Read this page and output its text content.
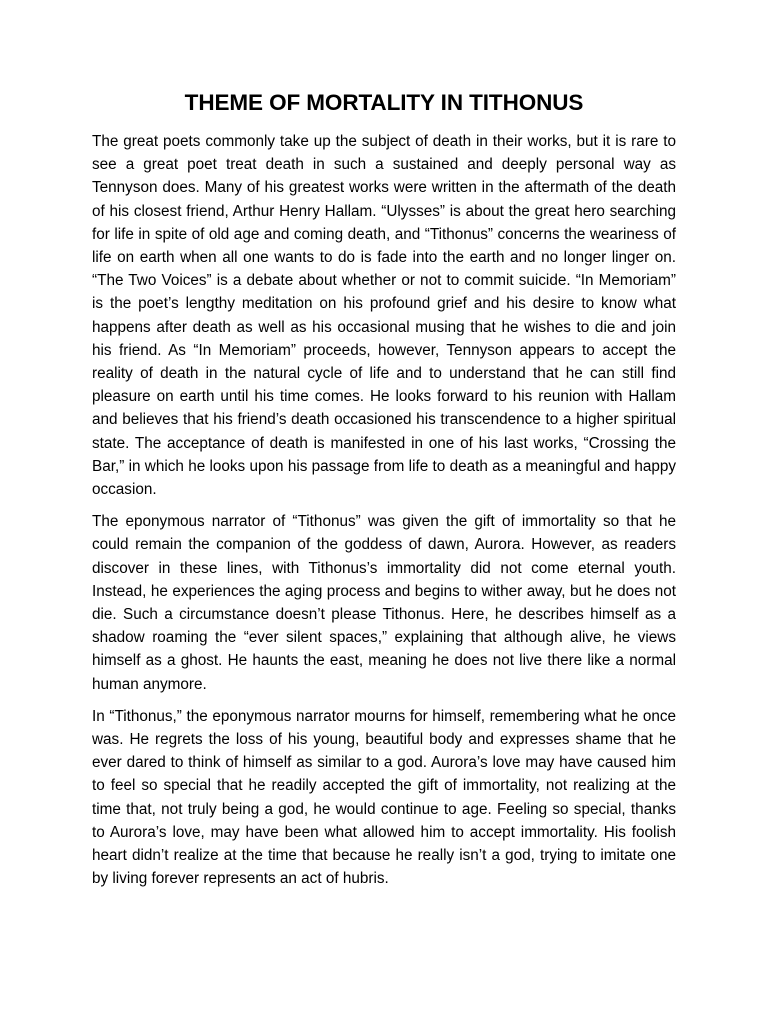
THEME OF MORTALITY IN TITHONUS

The great poets commonly take up the subject of death in their works, but it is rare to see a great poet treat death in such a sustained and deeply personal way as Tennyson does. Many of his greatest works were written in the aftermath of the death of his closest friend, Arthur Henry Hallam. “Ulysses” is about the great hero searching for life in spite of old age and coming death, and “Tithonus” concerns the weariness of life on earth when all one wants to do is fade into the earth and no longer linger on. “The Two Voices” is a debate about whether or not to commit suicide. “In Memoriam” is the poet’s lengthy meditation on his profound grief and his desire to know what happens after death as well as his occasional musing that he wishes to die and join his friend. As “In Memoriam” proceeds, however, Tennyson appears to accept the reality of death in the natural cycle of life and to understand that he can still find pleasure on earth until his time comes. He looks forward to his reunion with Hallam and believes that his friend’s death occasioned his transcendence to a higher spiritual state. The acceptance of death is manifested in one of his last works, “Crossing the Bar,” in which he looks upon his passage from life to death as a meaningful and happy occasion.

The eponymous narrator of “Tithonus” was given the gift of immortality so that he could remain the companion of the goddess of dawn, Aurora. However, as readers discover in these lines, with Tithonus’s immortality did not come eternal youth. Instead, he experiences the aging process and begins to wither away, but he does not die. Such a circumstance doesn’t please Tithonus. Here, he describes himself as a shadow roaming the “ever silent spaces,” explaining that although alive, he views himself as a ghost. He haunts the east, meaning he does not live there like a normal human anymore.

In “Tithonus,” the eponymous narrator mourns for himself, remembering what he once was. He regrets the loss of his young, beautiful body and expresses shame that he ever dared to think of himself as similar to a god. Aurora’s love may have caused him to feel so special that he readily accepted the gift of immortality, not realizing at the time that, not truly being a god, he would continue to age. Feeling so special, thanks to Aurora’s love, may have been what allowed him to accept immortality. His foolish heart didn’t realize at the time that because he really isn’t a god, trying to imitate one by living forever represents an act of hubris.
